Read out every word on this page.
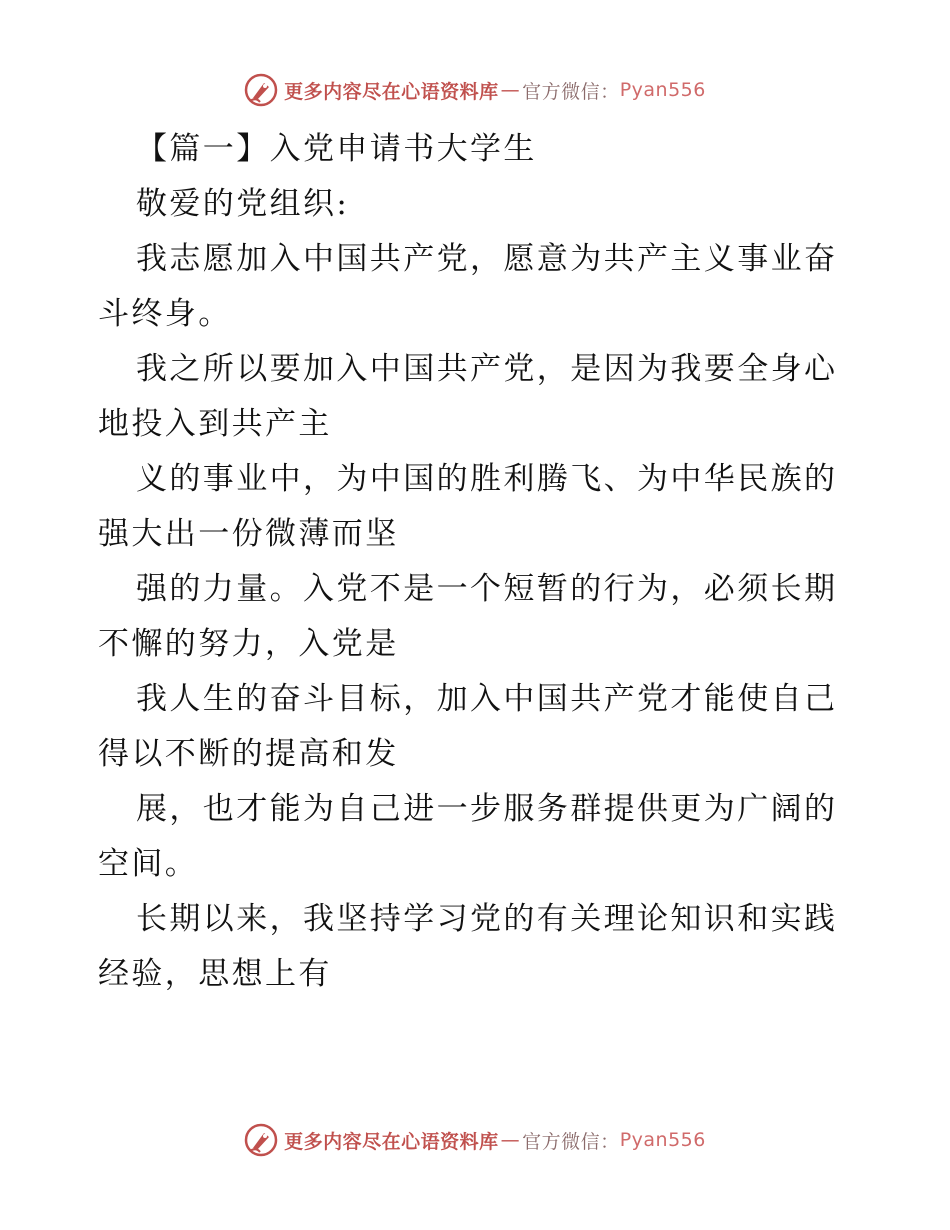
更多内容尽在心语资料库 — 官方微信： Pyan556
【篇一】入党申请书大学生
敬爱的党组织:
我志愿加入中国共产党，愿意为共产主义事业奋
斗终身。
我之所以要加入中国共产党，是因为我要全身心
地投入到共产主
义的事业中，为中国的胜利腾飞、为中华民族的
强大出一份微薄而坚
强的力量。入党不是一个短暂的行为，必须长期
不懈的努力，入党是
我人生的奋斗目标，加入中国共产党才能使自己
得以不断的提高和发
展，也才能为自己进一步服务群提供更为广阔的
空间。
长期以来，我坚持学习党的有关理论知识和实践
经验，思想上有
更多内容尽在心语资料库 — 官方微信： Pyan556
